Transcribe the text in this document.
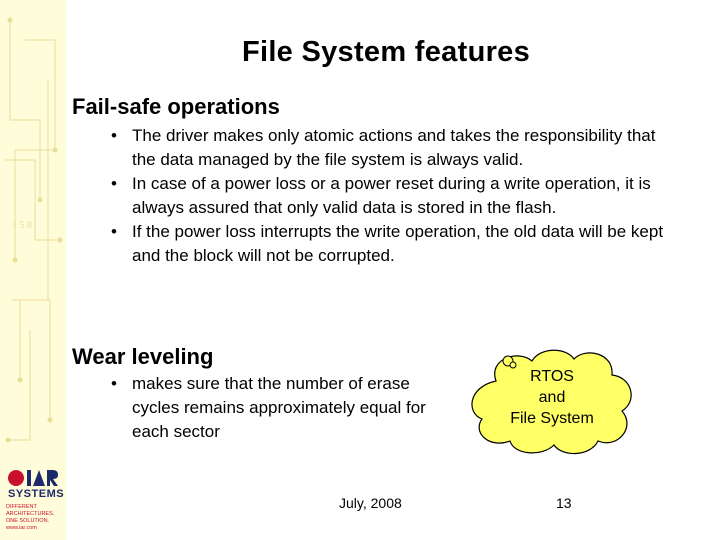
1 5 8
SYSTEMS
DIFFERENT ARCHITECTURES. ONE SOLUTION.
www.iar.com
File System features
Fail-safe operations
• The driver makes only atomic actions and takes the responsibility that the data managed by the file system is always valid.
• In case of a power loss or a power reset during a write operation, it is always assured that only valid data is stored in the flash.
• If the power loss interrupts the write operation, the old data will be kept and the block will not be corrupted.
Wear leveling
• makes sure that the number of erase cycles remains approximately equal for each sector
RTOS
and
File System
July, 2008	13
